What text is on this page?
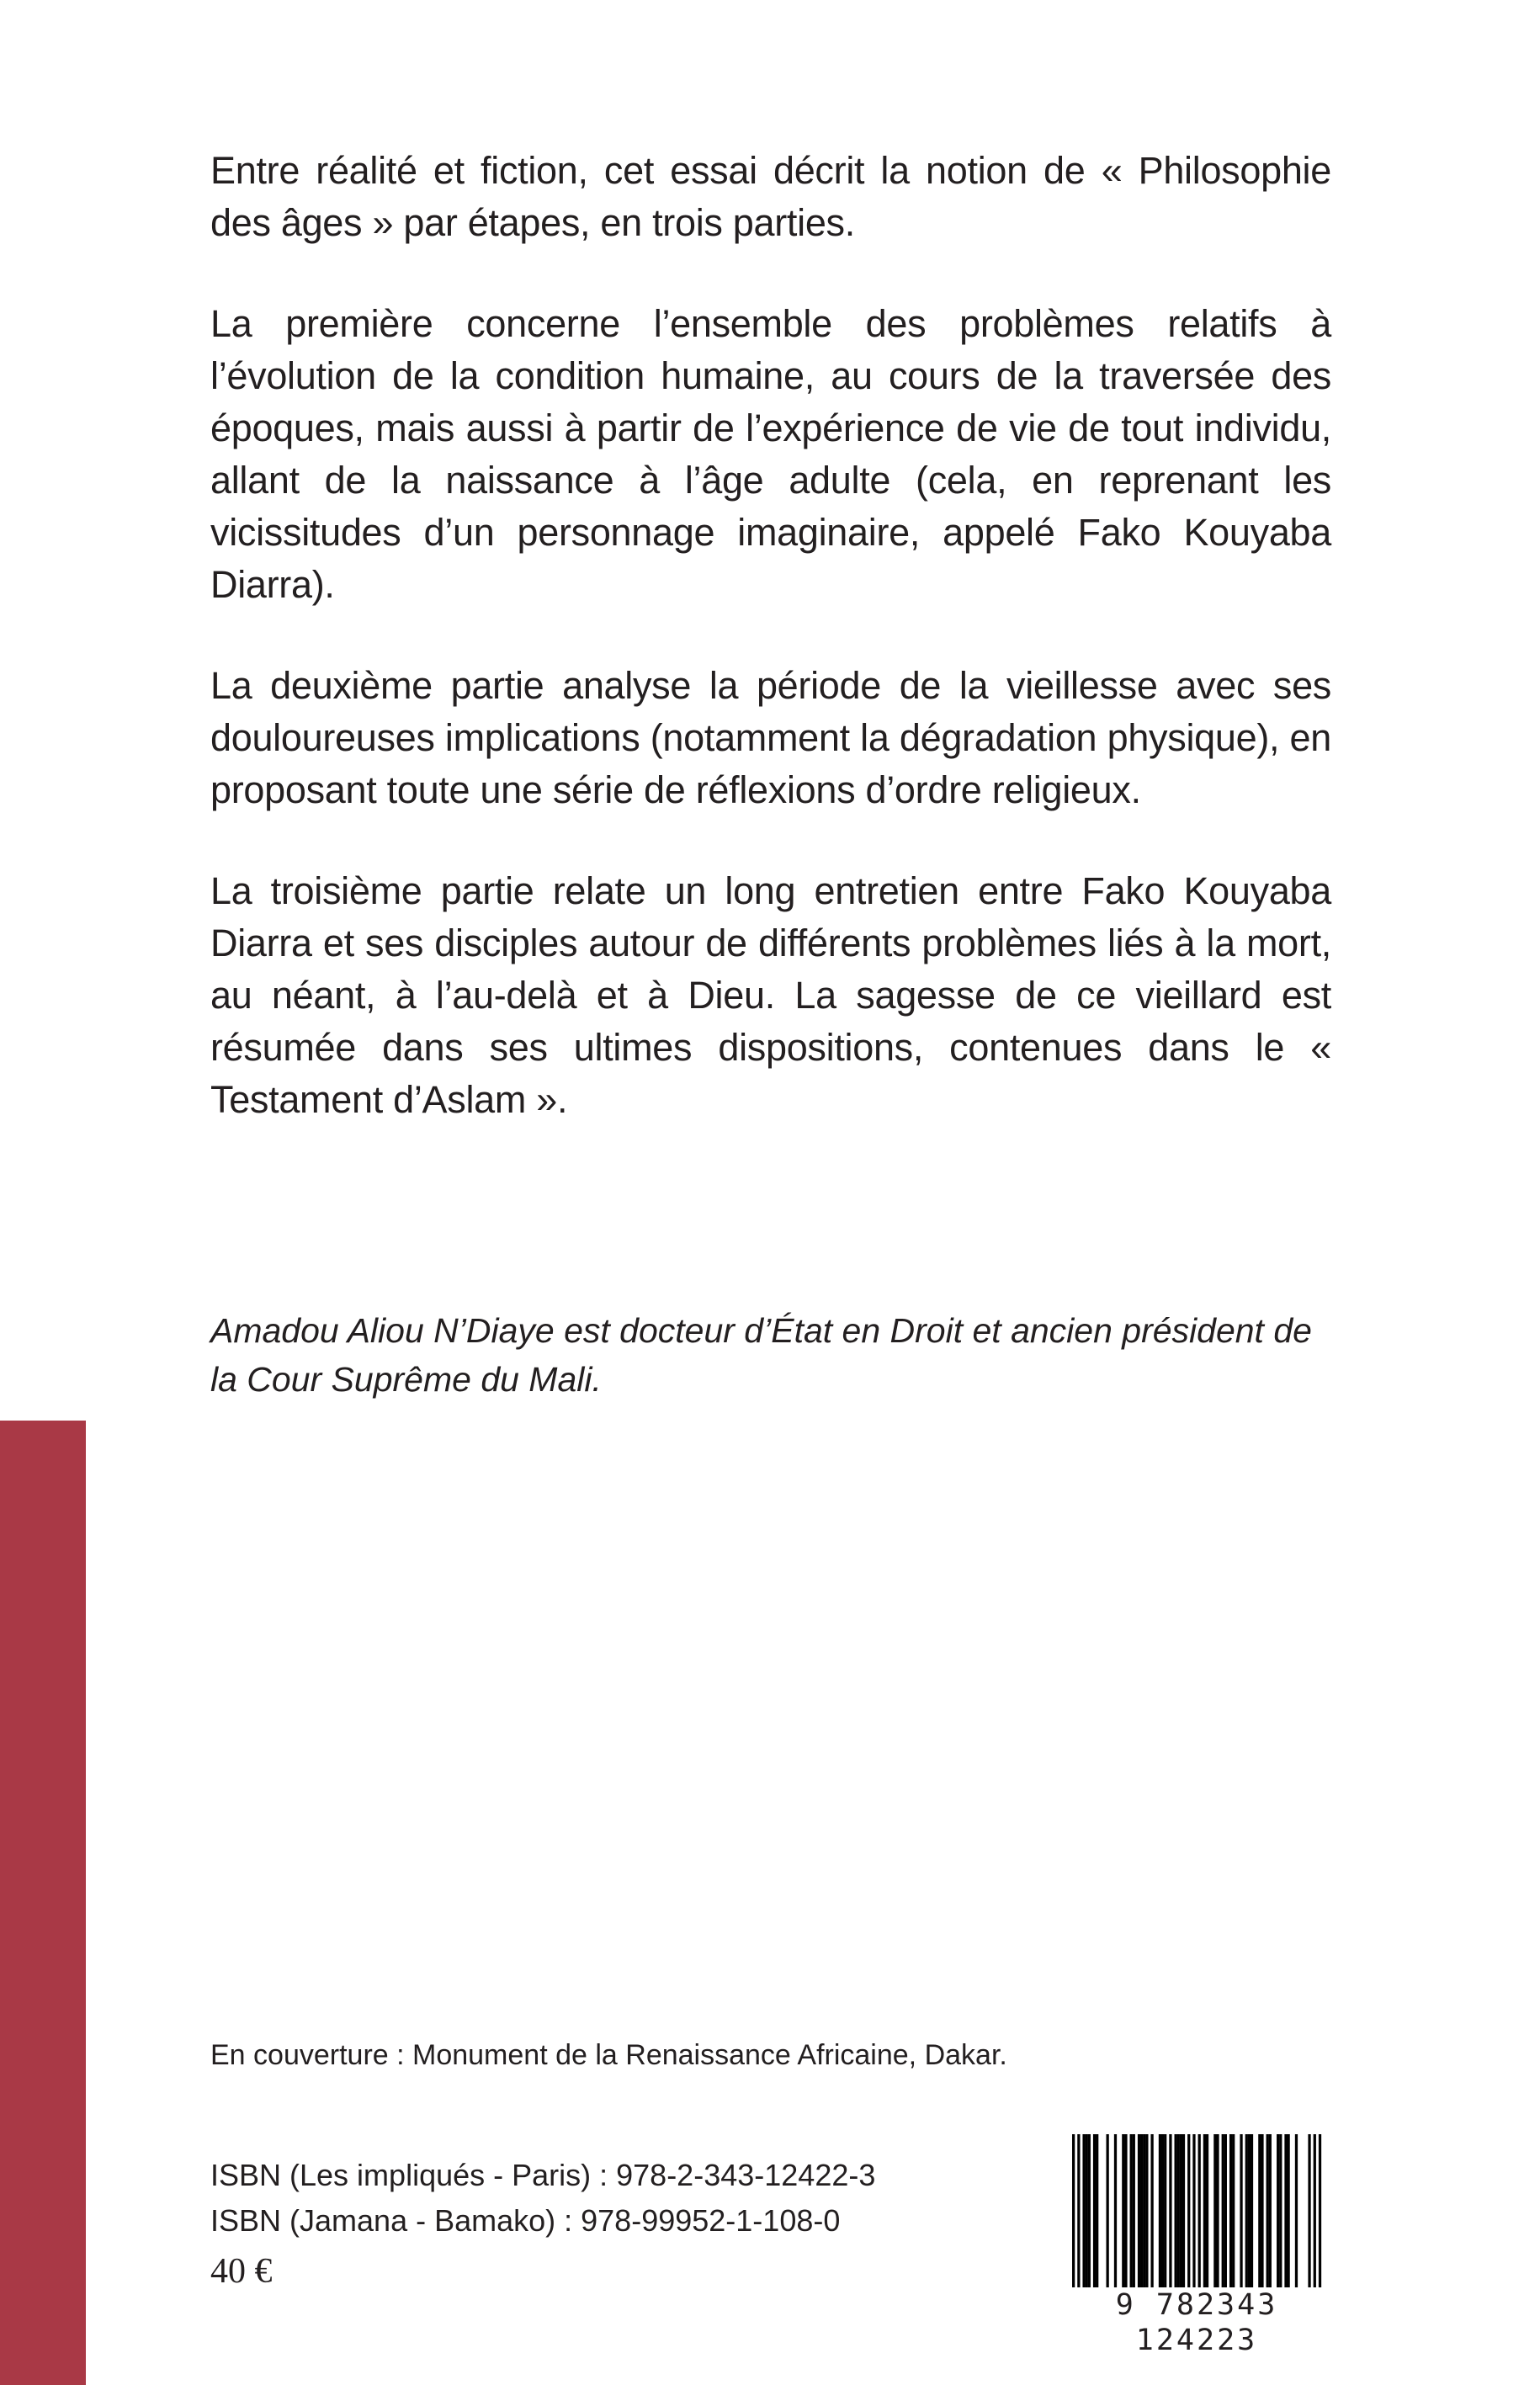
Entre réalité et fiction, cet essai décrit la notion de « Philosophie des âges » par étapes, en trois parties.

La première concerne l’ensemble des problèmes relatifs à l’évolution de la condition humaine, au cours de la traversée des époques, mais aussi à partir de l’expérience de vie de tout individu, allant de la naissance à l’âge adulte (cela, en reprenant les vicissitudes d’un personnage imaginaire, appelé Fako Kouyaba Diarra).

La deuxième partie analyse la période de la vieillesse avec ses douloureuses implications (notamment la dégradation physique), en proposant toute une série de réflexions d’ordre religieux.

La troisième partie relate un long entretien entre Fako Kouyaba Diarra et ses disciples autour de différents problèmes liés à la mort, au néant, à l’au-delà et à Dieu. La sagesse de ce vieillard est résumée dans ses ultimes dispositions, contenues dans le « Testament d’Aslam ».

Amadou Aliou N’Diaye est docteur d’État en Droit et ancien président de la Cour Suprême du Mali.
En couverture : Monument de la Renaissance Africaine, Dakar.
ISBN (Les impliqués - Paris) : 978-2-343-12422-3
ISBN (Jamana - Bamako) : 978-99952-1-108-0
40 €
9 782343 124223
